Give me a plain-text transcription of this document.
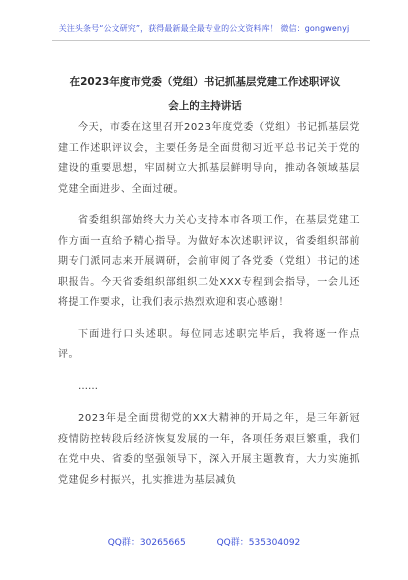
关注头条号“公文研究”，获得最新最全最专业的公文资料库！ 微信：gongwenyj
在2023年度市党委（党组）书记抓基层党建工作述职评议
会上的主持讲话

今天，市委在这里召开2023年度党委（党组）书记抓基层党建工作述职评议会，主要任务是全面贯彻习近平总书记关于党的建设的重要思想，牢固树立大抓基层鲜明导向，推动各领域基层党建全面进步、全面过硬。

省委组织部始终大力关心支持本市各项工作，在基层党建工作方面一直给予精心指导。为做好本次述职评议，省委组织部前期专门派同志来开展调研，会前审阅了各党委（党组）书记的述职报告。今天省委组织部组织二处XXX专程到会指导，一会儿还将提工作要求，让我们表示热烈欢迎和衷心感谢！

下面进行口头述职。每位同志述职完毕后，我将逐一作点评。

……

2023年是全面贯彻党的XX大精神的开局之年，是三年新冠疫情防控转段后经济恢复发展的一年，各项任务艰巨繁重，我们在党中央、省委的坚强领导下，深入开展主题教育，大力实施抓党建促乡村振兴，扎实推进为基层减负

QQ群：30265665	QQ群：535304092
